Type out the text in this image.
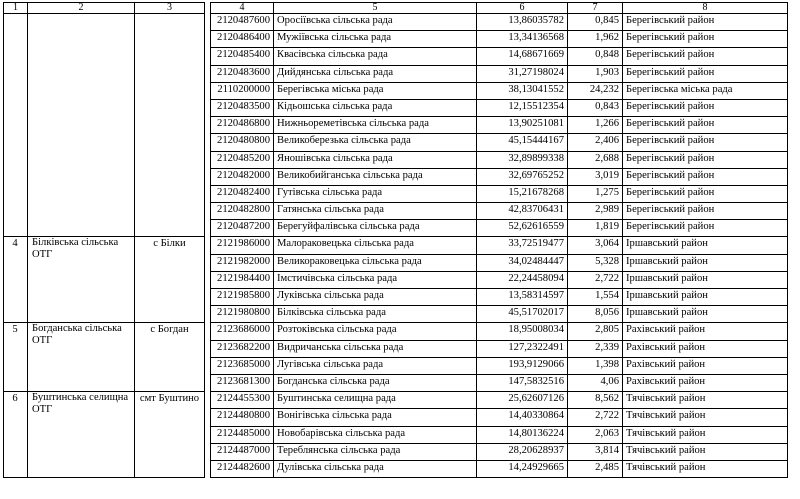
1	2	3		4	5	6	7	8
				2120487600	Оросіївська сільська рада	13,86035782	0,845	Берегівський район
				2120486400	Мужіївська сільська рада	13,34136568	1,962	Берегівський район
				2120485400	Квасівська сільська рада	14,68671669	0,848	Берегівський район
				2120483600	Дийдянська сільська рада	31,27198024	1,903	Берегівський район
				2110200000	Берегівська міська рада	38,13041552	24,232	Берегівська міська рада
				2120483500	Кідьошська сільська рада	12,15512354	0,843	Берегівський район
				2120486800	Нижньореметівська сільська рада	13,90251081	1,266	Берегівський район
				2120480800	Великоберезька сільська рада	45,15444167	2,406	Берегівський район
				2120485200	Яношівська сільська рада	32,89899338	2,688	Берегівський район
				2120482000	Великобийганська сільська рада	32,69765252	3,019	Берегівський район
				2120482400	Гутівська сільська рада	15,21678268	1,275	Берегівський район
				2120482800	Гатянська сільська рада	42,83706431	2,989	Берегівський район
				2120487200	Берегуйфалівська сільська рада	52,62616559	1,819	Берегівський район
4	Білківська сільська ОТГ	с Білки		2121986000	Малораковецька сільська рада	33,72519477	3,064	Іршавський район
				2121982000	Великораковецька сільська рада	34,02484447	5,328	Іршавський район
				2121984400	Імстичівська сільська рада	22,24458094	2,722	Іршавський район
				2121985800	Луківська сільська рада	13,58314597	1,554	Іршавський район
				2121980800	Білківська сільська рада	45,51702017	8,056	Іршавський район
5	Богданська сільська ОТГ	с Богдан		2123686000	Розтоківська сільська рада	18,95008034	2,805	Рахівський район
				2123682200	Видричанська сільська рада	127,2322491	2,339	Рахівський район
				2123685000	Лугівська сільська рада	193,9129066	1,398	Рахівський район
				2123681300	Богданська сільська рада	147,5832516	4,06	Рахівський район
6	Буштинська селищна ОТГ	смт Буштино		2124455300	Буштинська селищна рада	25,62607126	8,562	Тячівський район
				2124480800	Вонігівська сільська рада	14,40330864	2,722	Тячівський район
				2124485000	Новобарівська сільська рада	14,80136224	2,063	Тячівський район
				2124487000	Тереблянська сільська рада	28,20628937	3,814	Тячівський район
				2124482600	Дулівська сільська рада	14,24929665	2,485	Тячівський район
